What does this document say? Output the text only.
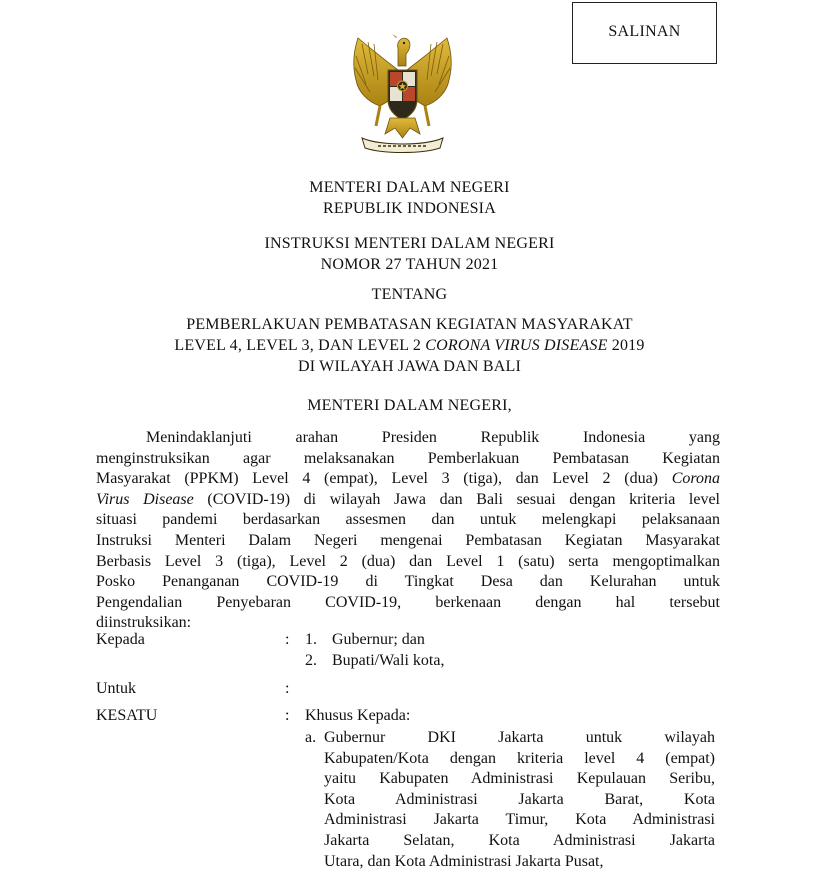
SALINAN
MENTERI DALAM NEGERI
REPUBLIK INDONESIA
INSTRUKSI MENTERI DALAM NEGERI
NOMOR 27 TAHUN 2021
TENTANG
PEMBERLAKUAN PEMBATASAN KEGIATAN MASYARAKAT
LEVEL 4, LEVEL 3, DAN LEVEL 2 CORONA VIRUS DISEASE 2019
DI WILAYAH JAWA DAN BALI
MENTERI DALAM NEGERI,
Menindaklanjuti arahan Presiden Republik Indonesia yang
menginstruksikan agar melaksanakan Pemberlakuan Pembatasan Kegiatan
Masyarakat (PPKM) Level 4 (empat), Level 3 (tiga), dan Level 2 (dua) Corona
Virus Disease (COVID-19) di wilayah Jawa dan Bali sesuai dengan kriteria level
situasi pandemi berdasarkan assesmen dan untuk melengkapi pelaksanaan
Instruksi Menteri Dalam Negeri mengenai Pembatasan Kegiatan Masyarakat
Berbasis Level 3 (tiga), Level 2 (dua) dan Level 1 (satu) serta mengoptimalkan
Posko Penanganan COVID-19 di Tingkat Desa dan Kelurahan untuk
Pengendalian Penyebaran COVID-19, berkenaan dengan hal tersebut
diinstruksikan:
Kepada	: 1. Gubernur; dan
2. Bupati/Wali kota,
Untuk	:
KESATU	: Khusus Kepada:
a. Gubernur DKI Jakarta untuk wilayah
Kabupaten/Kota dengan kriteria level 4 (empat)
yaitu Kabupaten Administrasi Kepulauan Seribu,
Kota Administrasi Jakarta Barat, Kota
Administrasi Jakarta Timur, Kota Administrasi
Jakarta Selatan, Kota Administrasi Jakarta
Utara, dan Kota Administrasi Jakarta Pusat,
